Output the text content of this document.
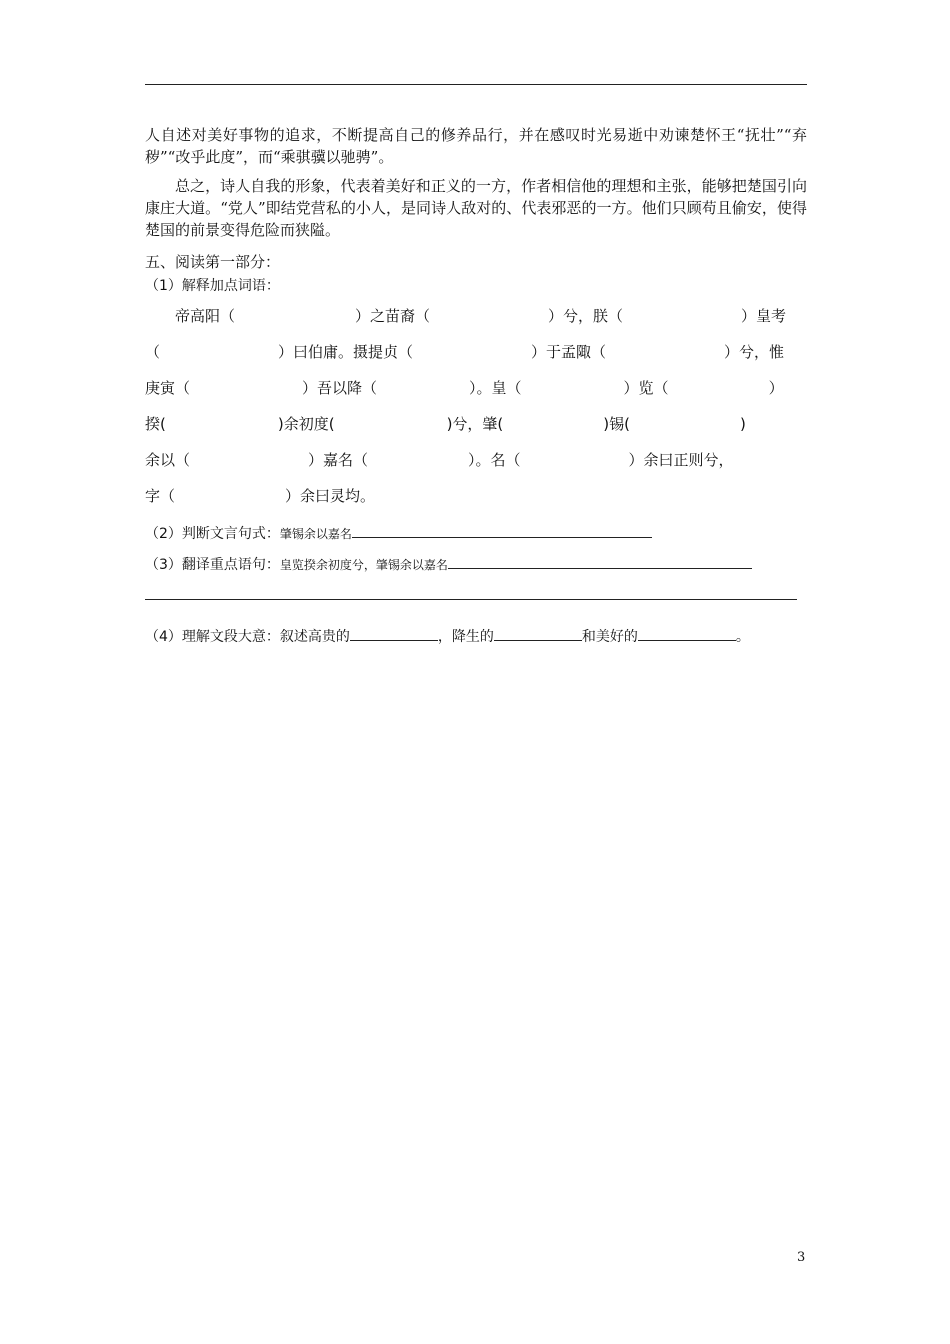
人自述对美好事物的追求，不断提高自己的修养品行，并在感叹时光易逝中劝谏楚怀王“抚壮”“弃秽”“改乎此度”，而“乘骐骥以驰骋”。

总之，诗人自我的形象，代表着美好和正义的一方，作者相信他的理想和主张，能够把楚国引向康庄大道。“党人”即结党营私的小人，是同诗人敌对的、代表邪恶的一方。他们只顾苟且偷安，使得楚国的前景变得危险而狭隘。

五、阅读第一部分：
（1）解释加点词语：
帝高阳（	）之苗裔（	）兮，朕（	）皇考
（	）曰伯庸。摄提贞（	）于孟陬（	）兮，惟
庚寅（	）吾以降（	）。皇（	）览（	）
揆(	)余初度(	)兮，肇(	)锡(	)
余以（	）嘉名（	）。名（	）余曰正则兮，
字（	）余曰灵均。
（2）判断文言句式：肇锡余以嘉名
（3）翻译重点语句：皇览揆余初度兮，肇锡余以嘉名
（4）理解文段大意：叙述高贵的	，降生的	和美好的	。
3
